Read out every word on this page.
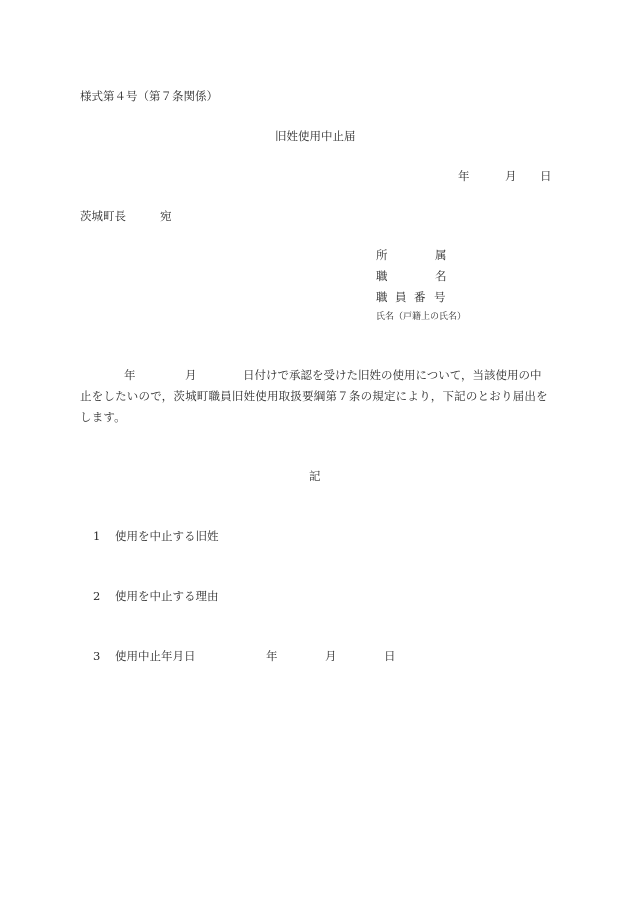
様式第４号（第７条関係）
旧姓使用中止届
年	月 日
茨城町長	宛
所	属
職	名
職 員 番 号
氏名（戸籍上の氏名）
年	月	日付けで承認を受けた旧姓の使用について，当該使用の中
止をしたいので，茨城町職員旧姓使用取扱要綱第７条の規定により，下記のとおり届出を
します。
記
1 使用を中止する旧姓
2 使用を中止する理由
3 使用中止年月日	年	月	日
